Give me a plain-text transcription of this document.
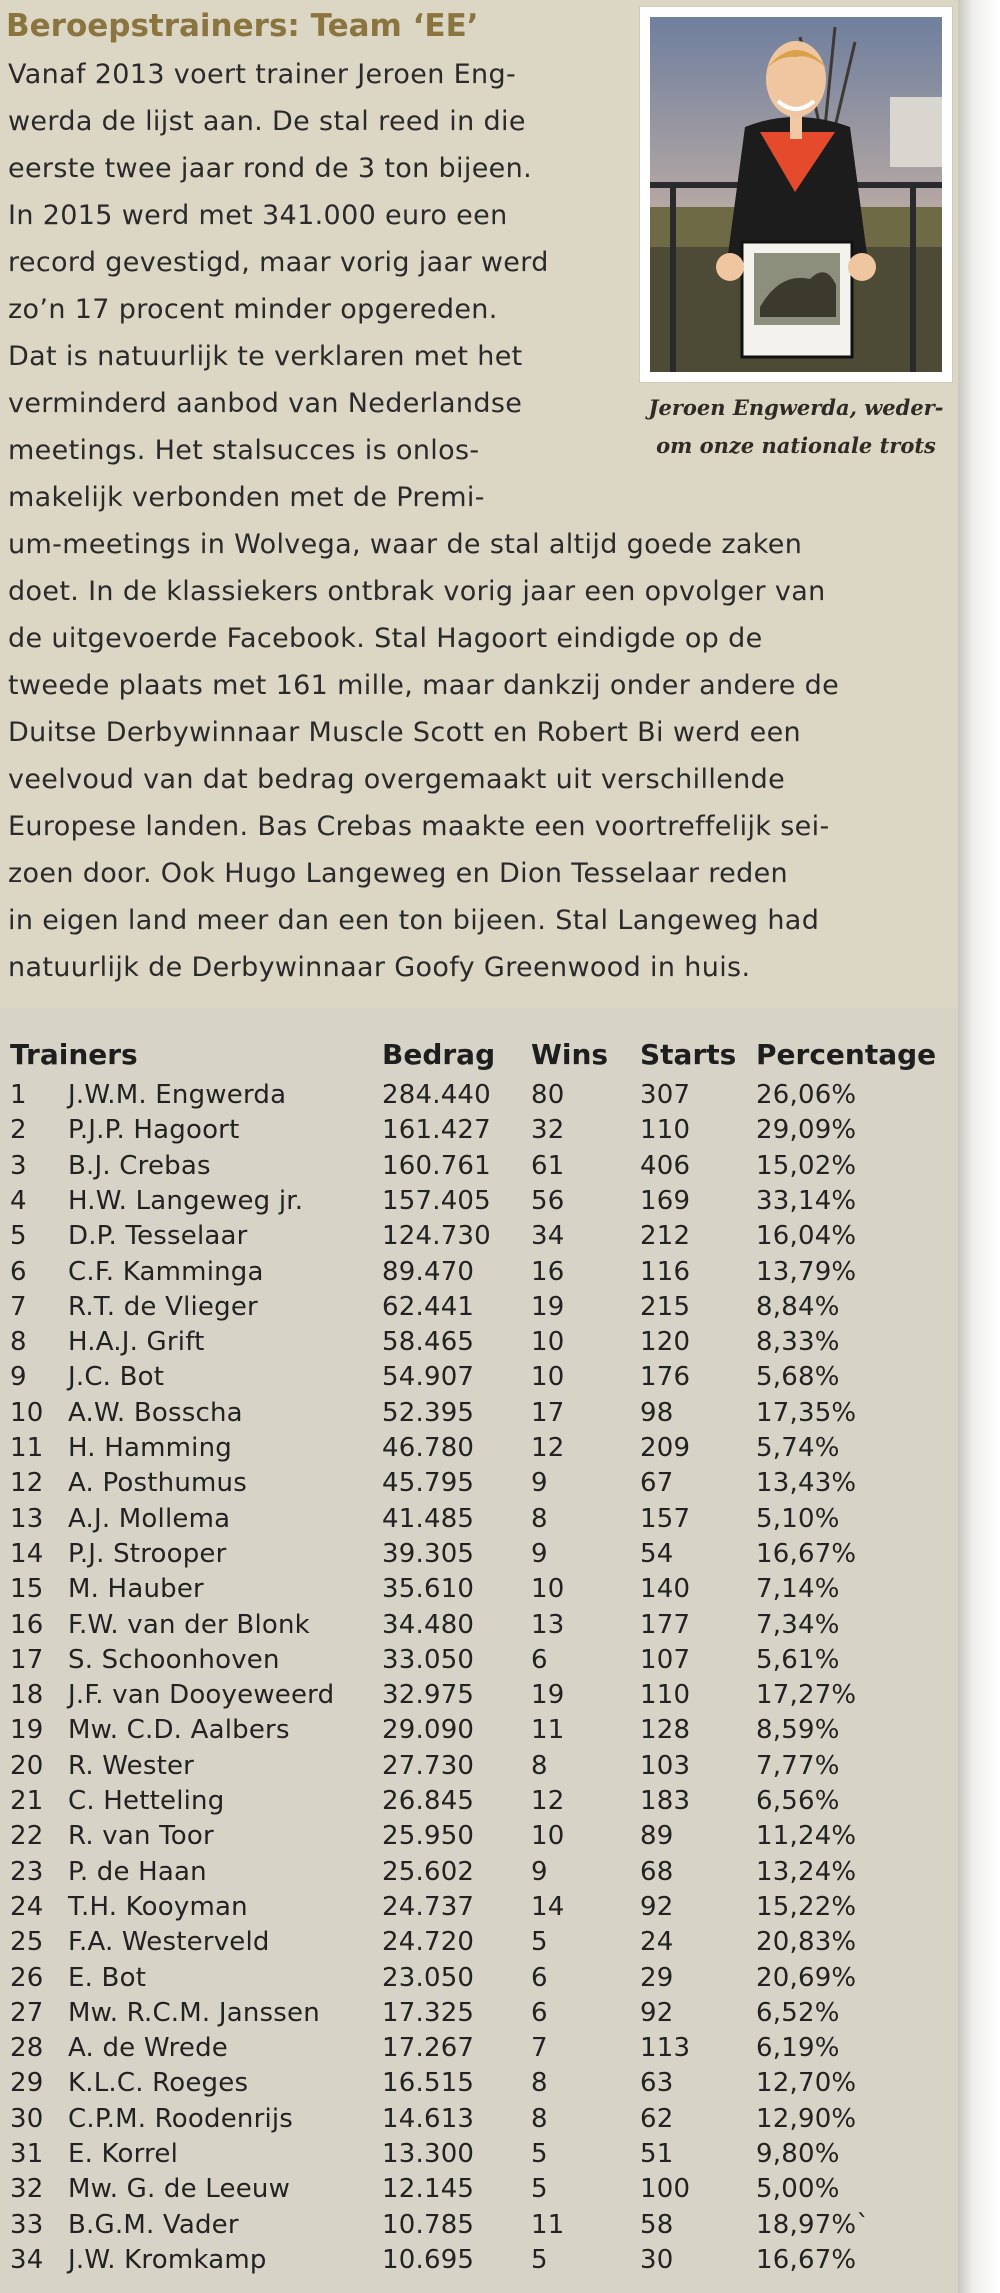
Beroepstrainers: Team ‘EE’

Vanaf 2013 voert trainer Jeroen Eng-

werda de lijst aan. De stal reed in die

eerste twee jaar rond de 3 ton bijeen.

In 2015 werd met 341.000 euro een

record gevestigd, maar vorig jaar werd

zo’n 17 procent minder opgereden.

Dat is natuurlijk te verklaren met het

verminderd aanbod van Nederlandse

meetings. Het stalsucces is onlos-

makelijk verbonden met de Premi-

um-meetings in Wolvega, waar de stal altijd goede zaken

doet. In de klassiekers ontbrak vorig jaar een opvolger van

de uitgevoerde Facebook. Stal Hagoort eindigde op de

tweede plaats met 161 mille, maar dankzij onder andere de

Duitse Derbywinnaar Muscle Scott en Robert Bi werd een

veelvoud van dat bedrag overgemaakt uit verschillende

Europese landen. Bas Crebas maakte een voortreffelijk sei-

zoen door. Ook Hugo Langeweg en Dion Tesselaar reden

in eigen land meer dan een ton bijeen. Stal Langeweg had

natuurlijk de Derbywinnaar Goofy Greenwood in huis.

Jeroen Engwerda, weder-

om onze nationale trots

Trainers	Bedrag Wins Starts Percentage
1 J.W.M. Engwerda	284.440 80	307	26,06%
2 P.J.P. Hagoort	161.427 32	110	29,09%
3 B.J. Crebas	160.761 61	406	15,02%
4 H.W. Langeweg jr.	157.405 56	169	33,14%
5 D.P. Tesselaar	124.730 34	212	16,04%
6 C.F. Kamminga	89.470 16	116	13,79%
7 R.T. de Vlieger	62.441 19	215	8,84%
8 H.A.J. Grift	58.465 10	120	8,33%
9 J.C. Bot	54.907 10	176	5,68%
10 A.W. Bosscha	52.395 17	98	17,35%
11 H. Hamming	46.780 12	209	5,74%
12 A. Posthumus	45.795 9	67	13,43%
13 A.J. Mollema	41.485 8	157	5,10%
14 P.J. Strooper	39.305 9	54	16,67%
15 M. Hauber	35.610 10	140	7,14%
16 F.W. van der Blonk	34.480 13	177	7,34%
17 S. Schoonhoven	33.050 6	107	5,61%
18 J.F. van Dooyeweerd 32.975 19	110	17,27%
19 Mw. C.D. Aalbers	29.090 11	128	8,59%
20 R. Wester	27.730 8	103	7,77%
21 C. Hetteling	26.845 12	183	6,56%
22 R. van Toor	25.950 10	89	11,24%
23 P. de Haan	25.602 9	68	13,24%
24 T.H. Kooyman	24.737 14	92	15,22%
25 F.A. Westerveld	24.720 5	24	20,83%
26 E. Bot	23.050 6	29	20,69%
27 Mw. R.C.M. Janssen 17.325 6	92	6,52%
28 A. de Wrede	17.267 7	113	6,19%
29 K.L.C. Roeges	16.515 8	63	12,70%
30 C.P.M. Roodenrijs	14.613 8	62	12,90%
31 E. Korrel	13.300 5	51	9,80%
32 Mw. G. de Leeuw	12.145 5	100	5,00%
33 B.G.M. Vader	10.785 11	58	18,97%`
34 J.W. Kromkamp	10.695 5	30	16,67%
